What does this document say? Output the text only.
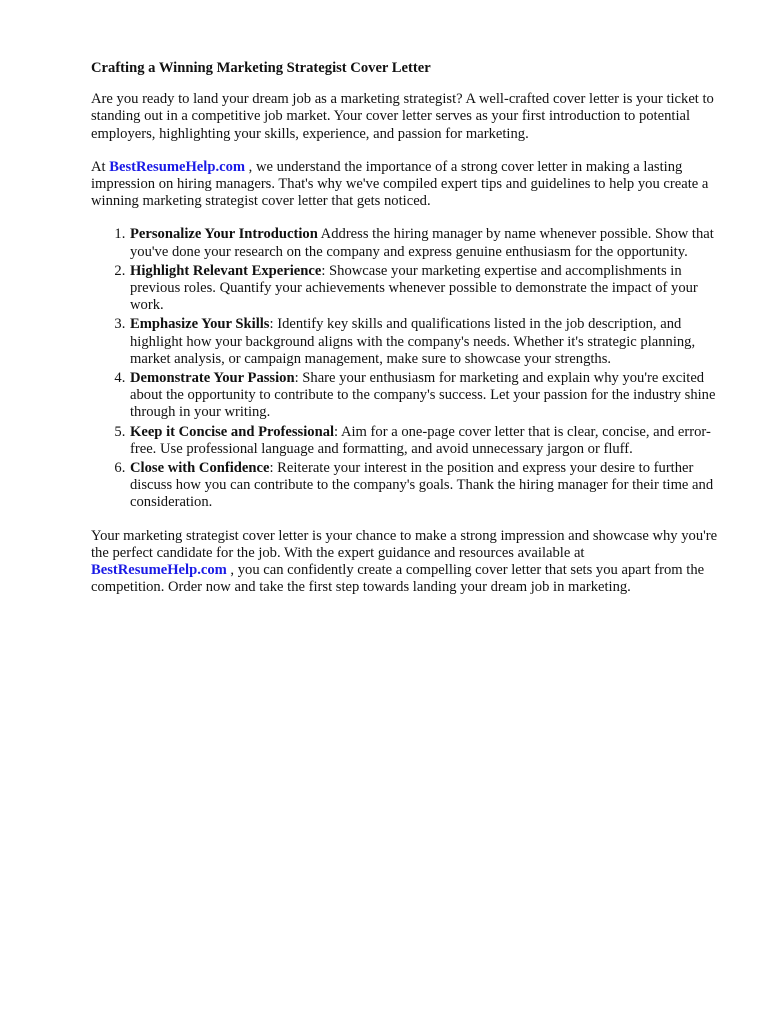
Crafting a Winning Marketing Strategist Cover Letter

Are you ready to land your dream job as a marketing strategist? A well-crafted cover letter is your ticket to standing out in a competitive job market. Your cover letter serves as your first introduction to potential employers, highlighting your skills, experience, and passion for marketing.

At BestResumeHelp.com , we understand the importance of a strong cover letter in making a lasting impression on hiring managers. That's why we've compiled expert tips and guidelines to help you create a winning marketing strategist cover letter that gets noticed.

1. Personalize Your Introduction Address the hiring manager by name whenever possible. Show that you've done your research on the company and express genuine enthusiasm for the opportunity.
2. Highlight Relevant Experience: Showcase your marketing expertise and accomplishments in previous roles. Quantify your achievements whenever possible to demonstrate the impact of your work.
3. Emphasize Your Skills: Identify key skills and qualifications listed in the job description, and highlight how your background aligns with the company's needs. Whether it's strategic planning, market analysis, or campaign management, make sure to showcase your strengths.
4. Demonstrate Your Passion: Share your enthusiasm for marketing and explain why you're excited about the opportunity to contribute to the company's success. Let your passion for the industry shine through in your writing.
5. Keep it Concise and Professional: Aim for a one-page cover letter that is clear, concise, and error-free. Use professional language and formatting, and avoid unnecessary jargon or fluff.
6. Close with Confidence: Reiterate your interest in the position and express your desire to further discuss how you can contribute to the company's goals. Thank the hiring manager for their time and consideration.

Your marketing strategist cover letter is your chance to make a strong impression and showcase why you're the perfect candidate for the job. With the expert guidance and resources available at BestResumeHelp.com , you can confidently create a compelling cover letter that sets you apart from the competition. Order now and take the first step towards landing your dream job in marketing.
